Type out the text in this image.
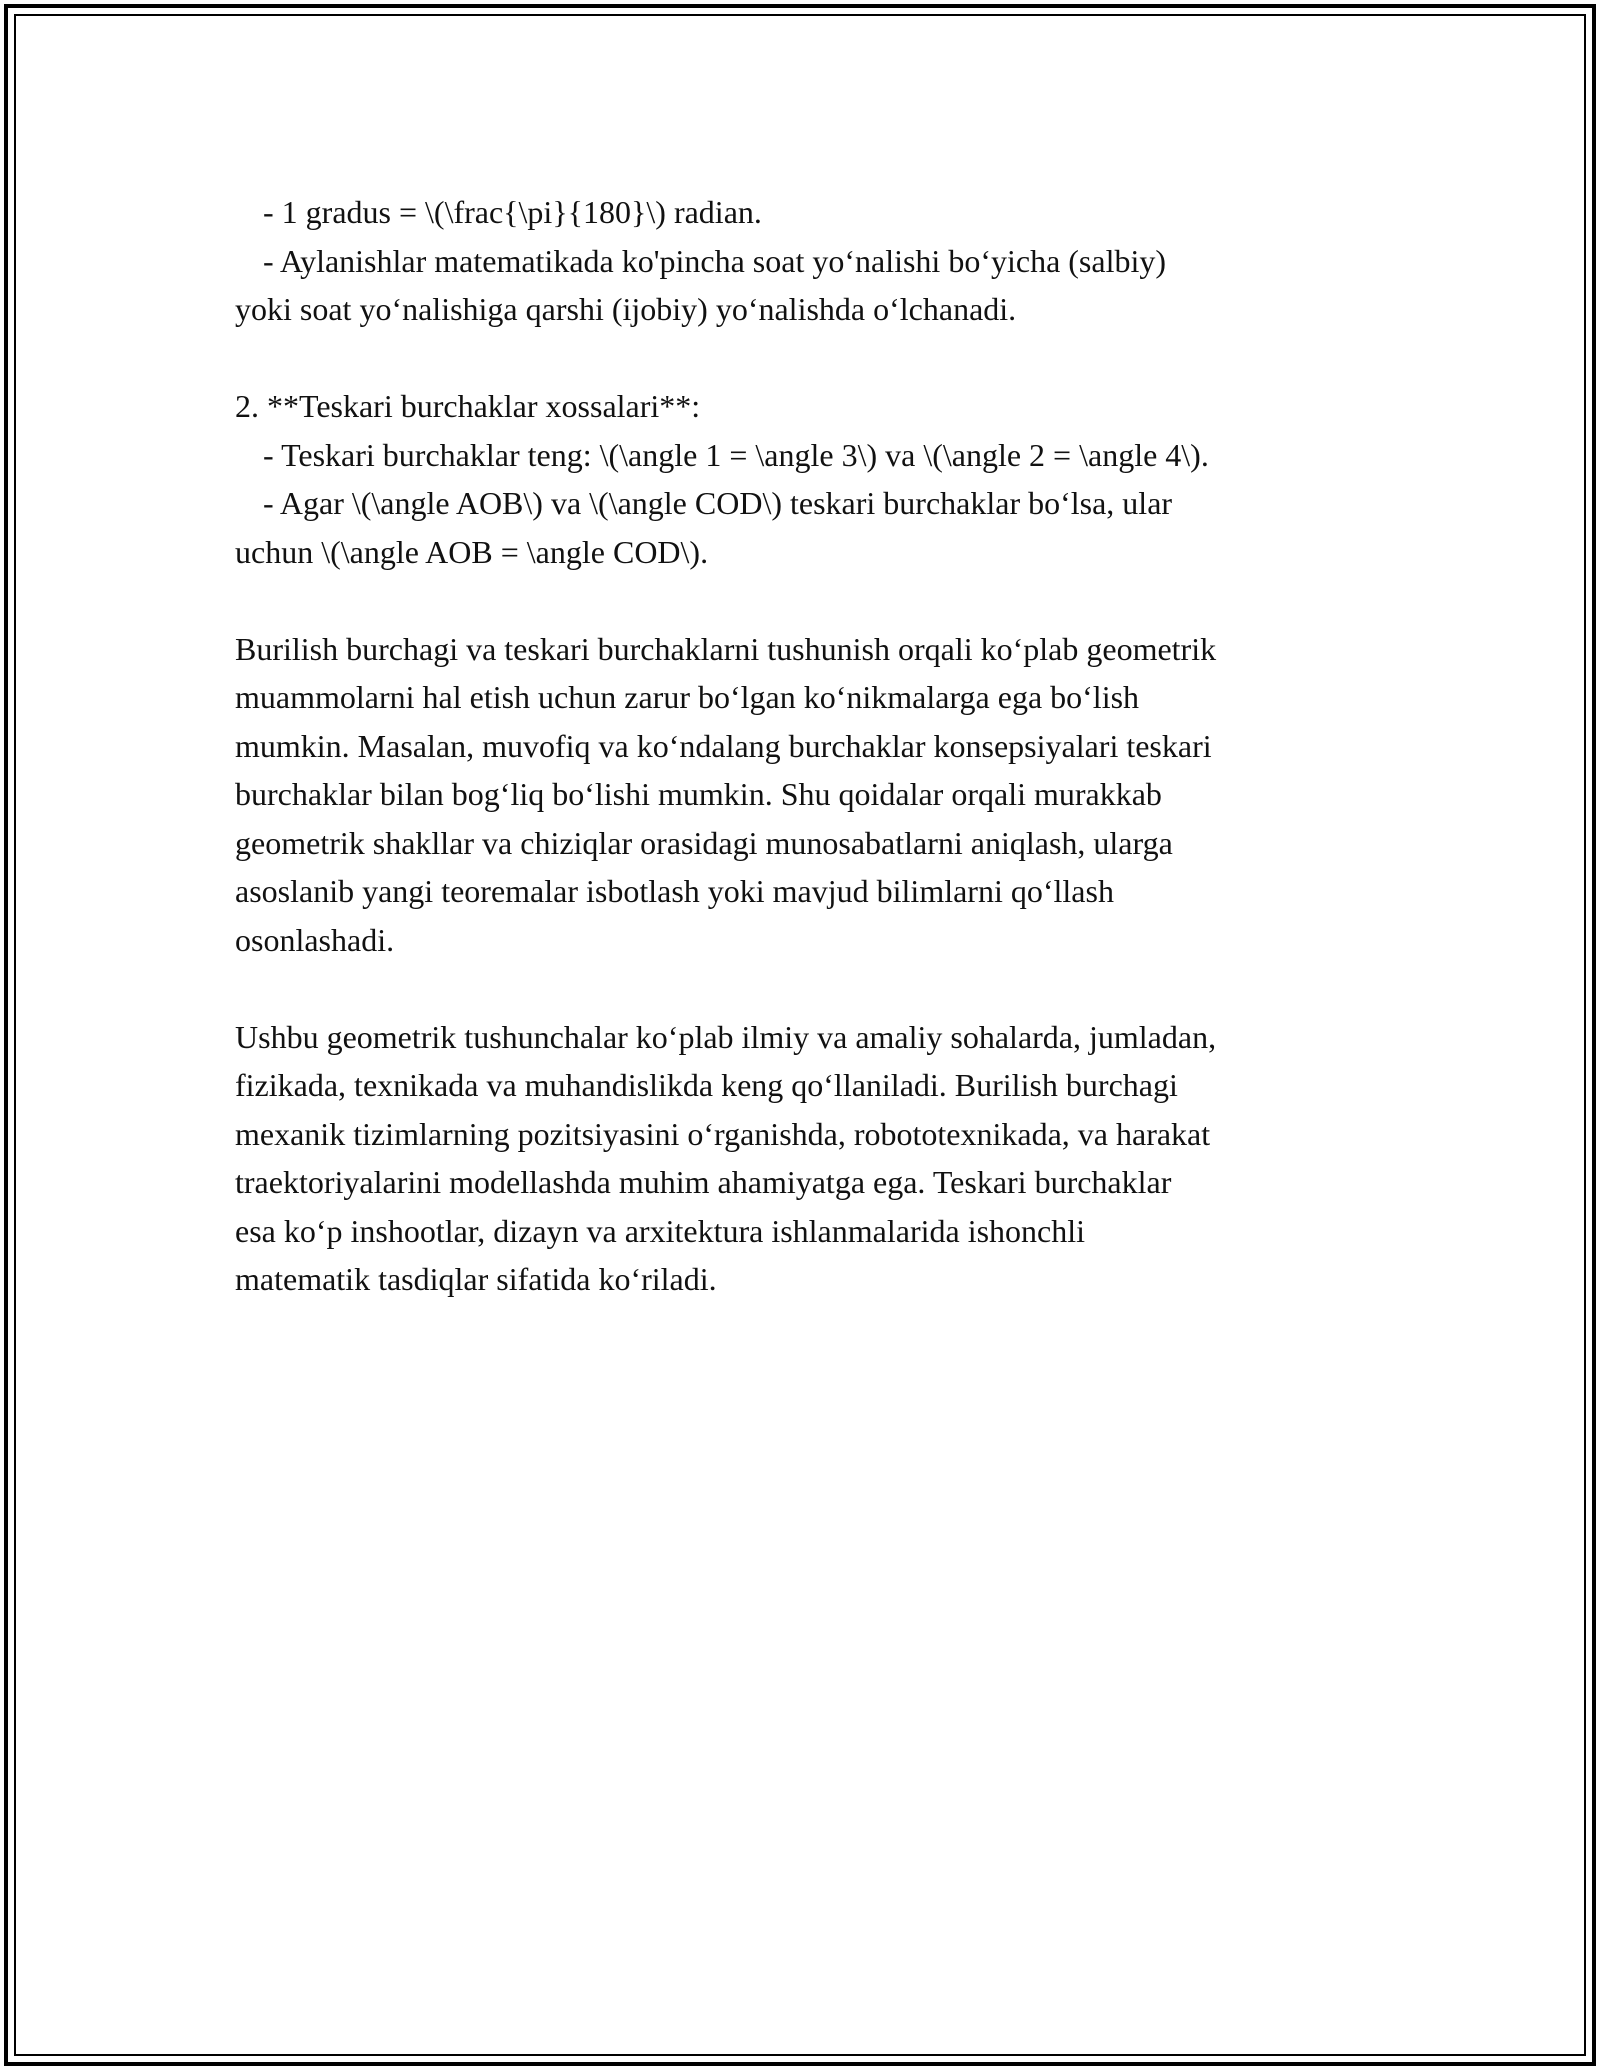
- 1 gradus = \(\frac{\pi}{180}\) radian.
- Aylanishlar matematikada ko'pincha soat yo‘nalishi bo‘yicha (salbiy)
yoki soat yo‘nalishiga qarshi (ijobiy) yo‘nalishda o‘lchanadi.
2. **Teskari burchaklar xossalari**:
- Teskari burchaklar teng: \(\angle 1 = \angle 3\) va \(\angle 2 = \angle 4\).
- Agar \(\angle AOB\) va \(\angle COD\) teskari burchaklar bo‘lsa, ular
uchun \(\angle AOB = \angle COD\).
Burilish burchagi va teskari burchaklarni tushunish orqali ko‘plab geometrik
muammolarni hal etish uchun zarur bo‘lgan ko‘nikmalarga ega bo‘lish
mumkin. Masalan, muvofiq va ko‘ndalang burchaklar konsepsiyalari teskari
burchaklar bilan bog‘liq bo‘lishi mumkin. Shu qoidalar orqali murakkab
geometrik shakllar va chiziqlar orasidagi munosabatlarni aniqlash, ularga
asoslanib yangi teoremalar isbotlash yoki mavjud bilimlarni qo‘llash
osonlashadi.
Ushbu geometrik tushunchalar ko‘plab ilmiy va amaliy sohalarda, jumladan,
fizikada, texnikada va muhandislikda keng qo‘llaniladi. Burilish burchagi
mexanik tizimlarning pozitsiyasini o‘rganishda, robototexnikada, va harakat
traektoriyalarini modellashda muhim ahamiyatga ega. Teskari burchaklar
esa ko‘p inshootlar, dizayn va arxitektura ishlanmalarida ishonchli
matematik tasdiqlar sifatida ko‘riladi.
